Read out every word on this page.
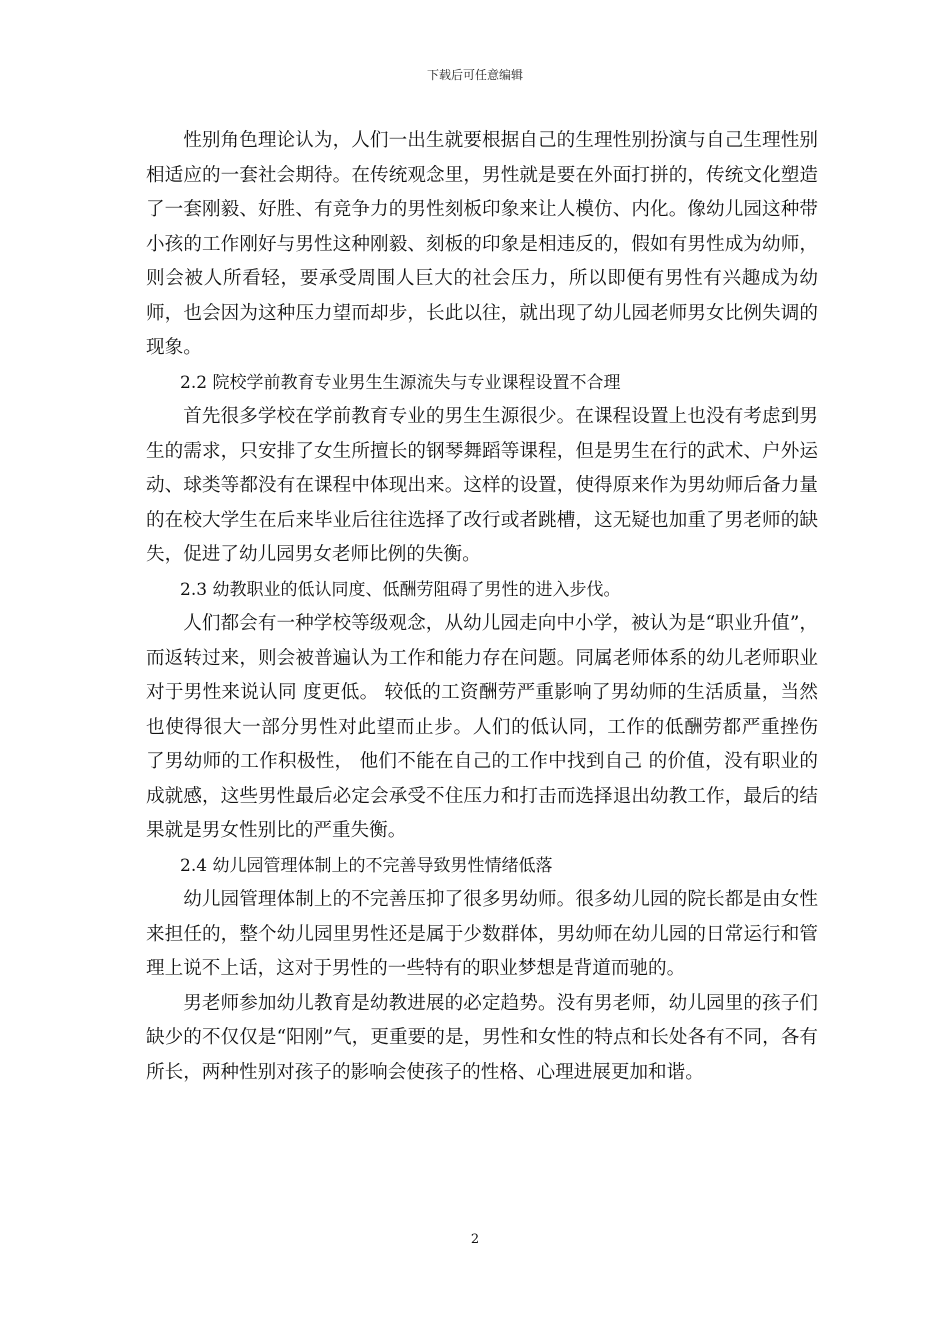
下载后可任意编辑

性别角色理论认为，人们一出生就要根据自己的生理性别扮演与自己生理性别相适应的一套社会期待。在传统观念里，男性就是要在外面打拼的，传统文化塑造了一套刚毅、好胜、有竞争力的男性刻板印象来让人模仿、内化。像幼儿园这种带小孩的工作刚好与男性这种刚毅、刻板的印象是相违反的，假如有男性成为幼师，则会被人所看轻，要承受周围人巨大的社会压力，所以即便有男性有兴趣成为幼师，也会因为这种压力望而却步，长此以往，就出现了幼儿园老师男女比例失调的现象。

2.2 院校学前教育专业男生生源流失与专业课程设置不合理

首先很多学校在学前教育专业的男生生源很少。在课程设置上也没有考虑到男生的需求，只安排了女生所擅长的钢琴舞蹈等课程，但是男生在行的武术、户外运动、球类等都没有在课程中体现出来。这样的设置，使得原来作为男幼师后备力量的在校大学生在后来毕业后往往选择了改行或者跳槽，这无疑也加重了男老师的缺失，促进了幼儿园男女老师比例的失衡。

2.3 幼教职业的低认同度、低酬劳阻碍了男性的进入步伐。

人们都会有一种学校等级观念，从幼儿园走向中小学，被认为是“职业升值”，而返转过来，则会被普遍认为工作和能力存在问题。同属老师体系的幼儿老师职业对于男性来说认同 度更低。 较低的工资酬劳严重影响了男幼师的生活质量，当然 也使得很大一部分男性对此望而止步。人们的低认同，工作的低酬劳都严重挫伤 了男幼师的工作积极性， 他们不能在自己的工作中找到自己 的价值，没有职业的成就感，这些男性最后必定会承受不住压力和打击而选择退出幼教工作，最后的结果就是男女性别比的严重失衡。

2.4 幼儿园管理体制上的不完善导致男性情绪低落

幼儿园管理体制上的不完善压抑了很多男幼师。很多幼儿园的院长都是由女性来担任的，整个幼儿园里男性还是属于少数群体，男幼师在幼儿园的日常运行和管理上说不上话，这对于男性的一些特有的职业梦想是背道而驰的。

男老师参加幼儿教育是幼教进展的必定趋势。没有男老师，幼儿园里的孩子们缺少的不仅仅是“阳刚”气，更重要的是，男性和女性的特点和长处各有不同，各有所长，两种性别对孩子的影响会使孩子的性格、心理进展更加和谐。

2
